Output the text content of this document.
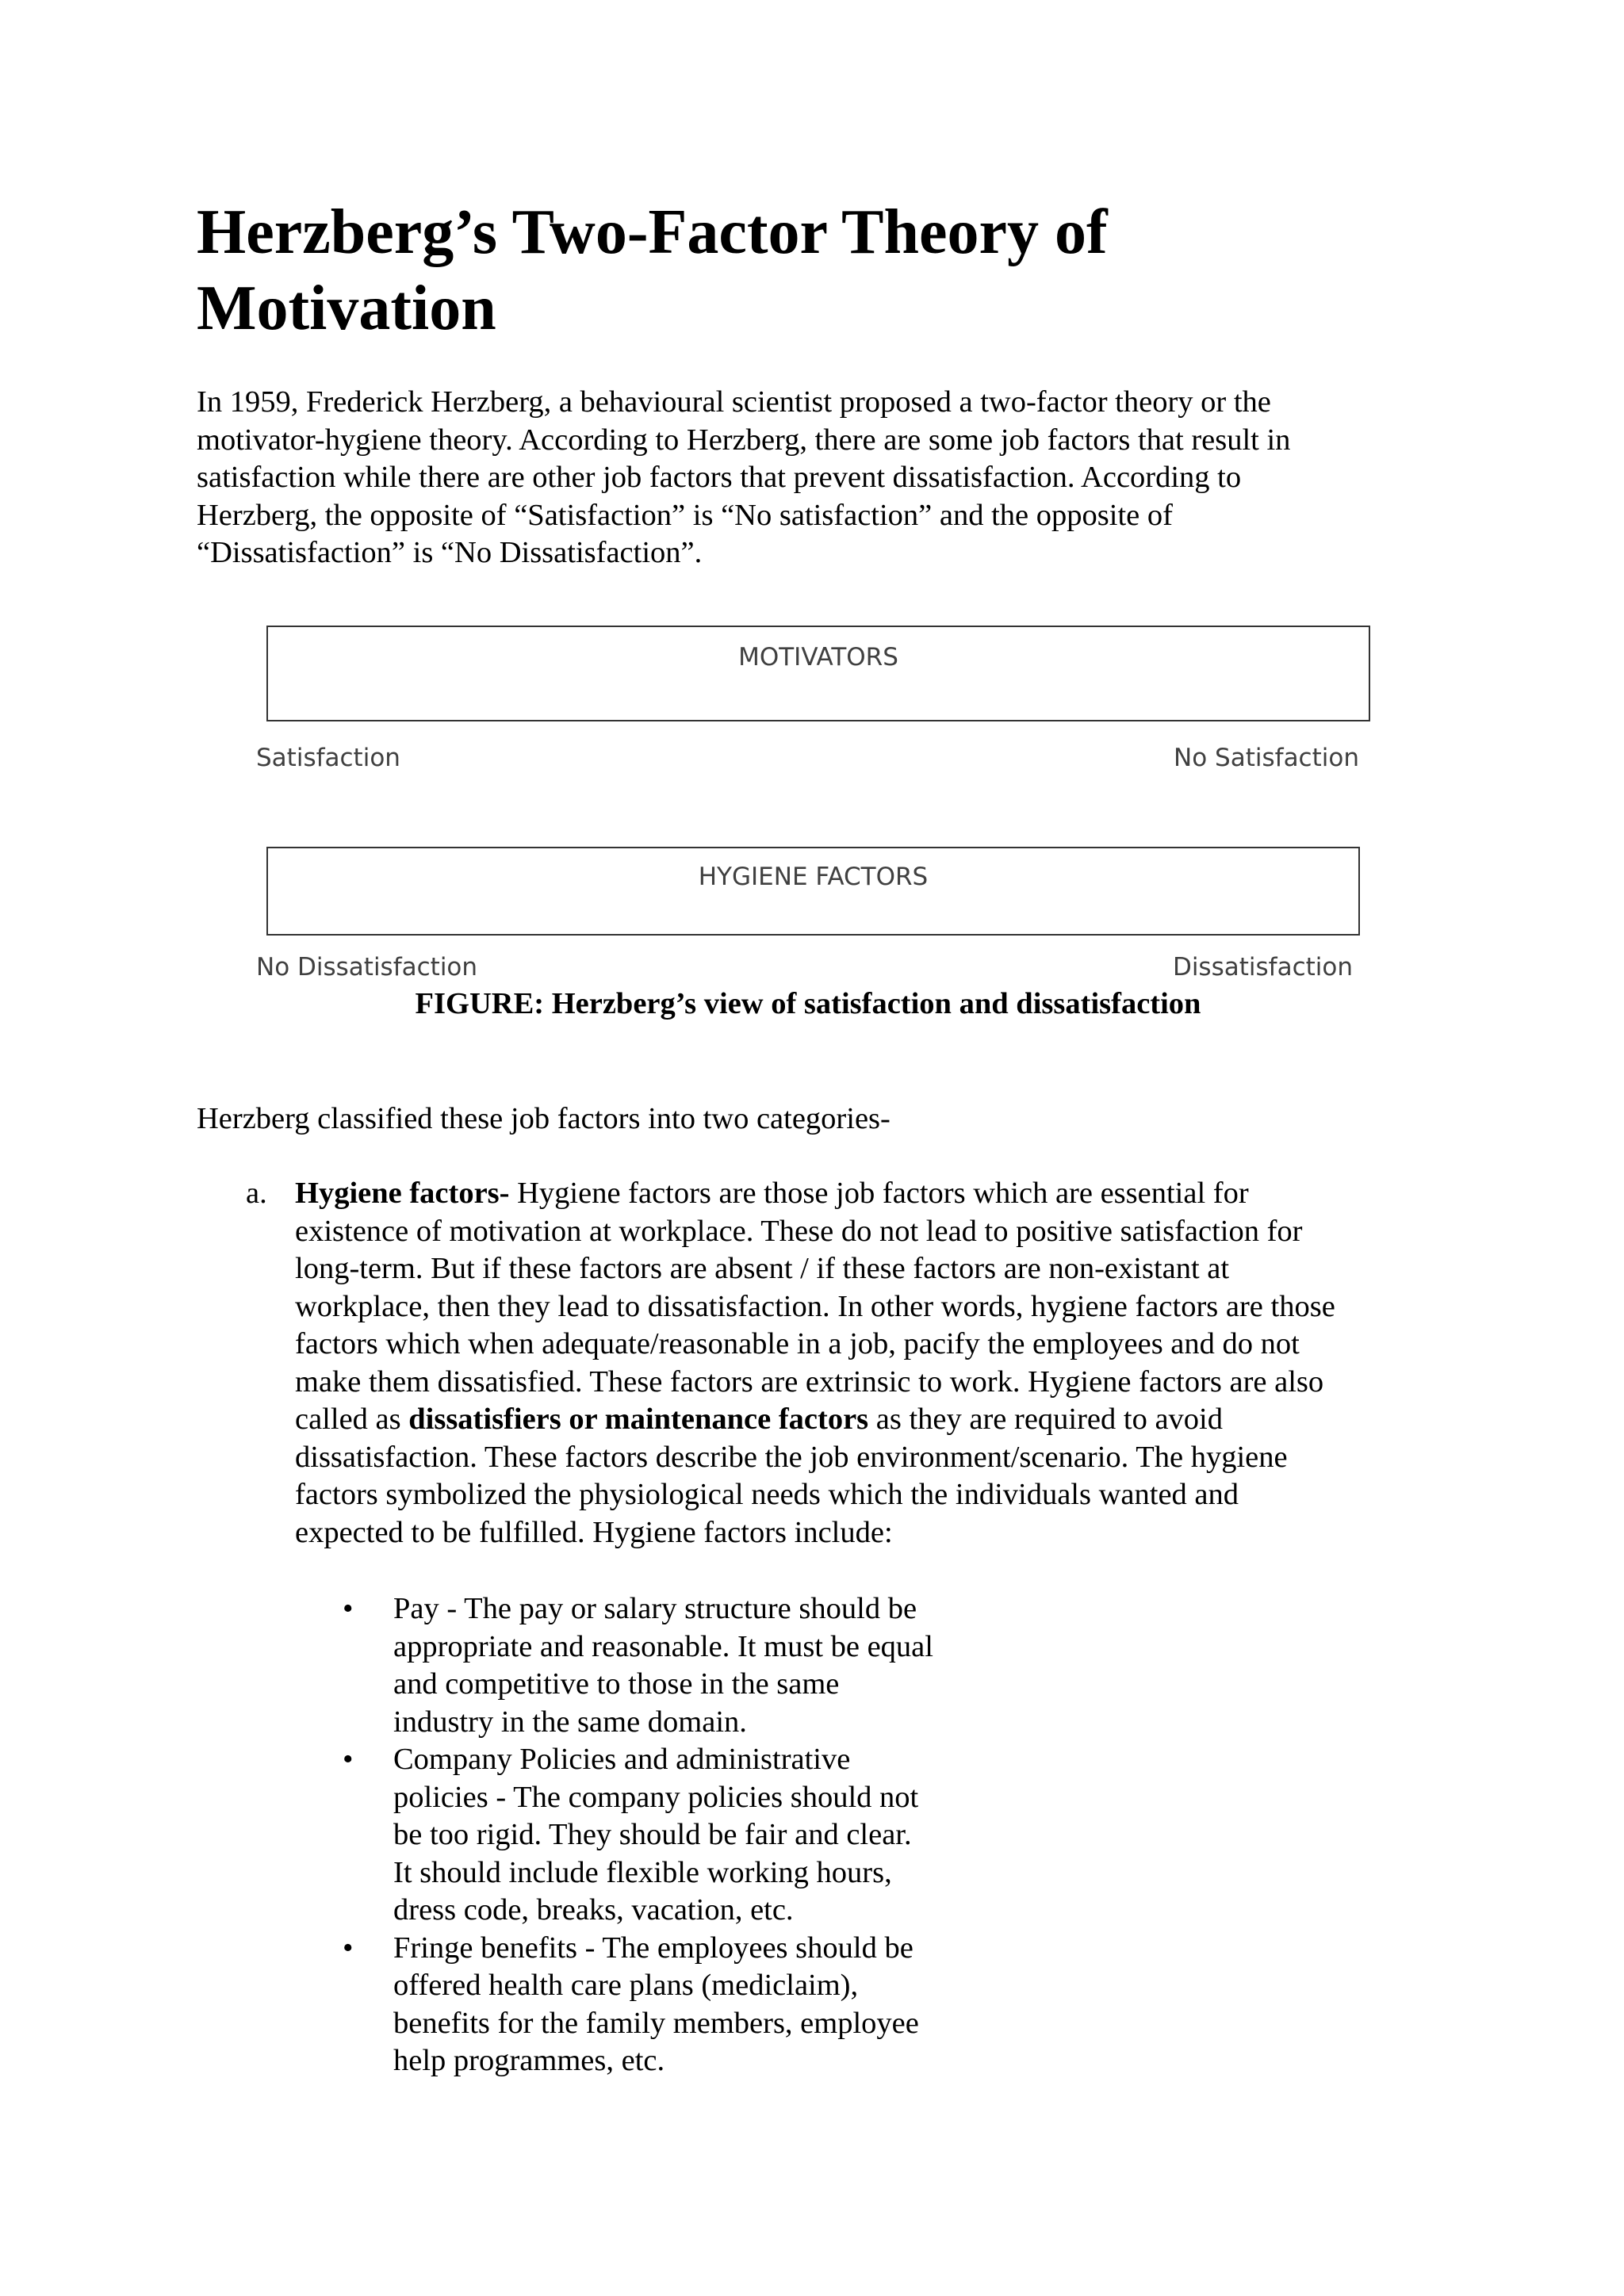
Herzberg’s Two-Factor Theory of
Motivation

In 1959, Frederick Herzberg, a behavioural scientist proposed a two-factor theory or the
motivator-hygiene theory. According to Herzberg, there are some job factors that result in
satisfaction while there are other job factors that prevent dissatisfaction. According to
Herzberg, the opposite of “Satisfaction” is “No satisfaction” and the opposite of
“Dissatisfaction” is “No Dissatisfaction”.

MOTIVATORS
Satisfaction	No Satisfaction
HYGIENE FACTORS
No Dissatisfaction	Dissatisfaction
FIGURE: Herzberg’s view of satisfaction and dissatisfaction
Herzberg classified these job factors into two categories-
a. Hygiene factors- Hygiene factors are those job factors which are essential for
existence of motivation at workplace. These do not lead to positive satisfaction for
long-term. But if these factors are absent / if these factors are non-existant at
workplace, then they lead to dissatisfaction. In other words, hygiene factors are those
factors which when adequate/reasonable in a job, pacify the employees and do not
make them dissatisfied. These factors are extrinsic to work. Hygiene factors are also
called as dissatisfiers or maintenance factors as they are required to avoid
dissatisfaction. These factors describe the job environment/scenario. The hygiene
factors symbolized the physiological needs which the individuals wanted and
expected to be fulfilled. Hygiene factors include:
• Pay - The pay or salary structure should be
appropriate and reasonable. It must be equal
and competitive to those in the same
industry in the same domain.
• Company Policies and administrative
policies - The company policies should not
be too rigid. They should be fair and clear.
It should include flexible working hours,
dress code, breaks, vacation, etc.
• Fringe benefits - The employees should be
offered health care plans (mediclaim),
benefits for the family members, employee
help programmes, etc.
